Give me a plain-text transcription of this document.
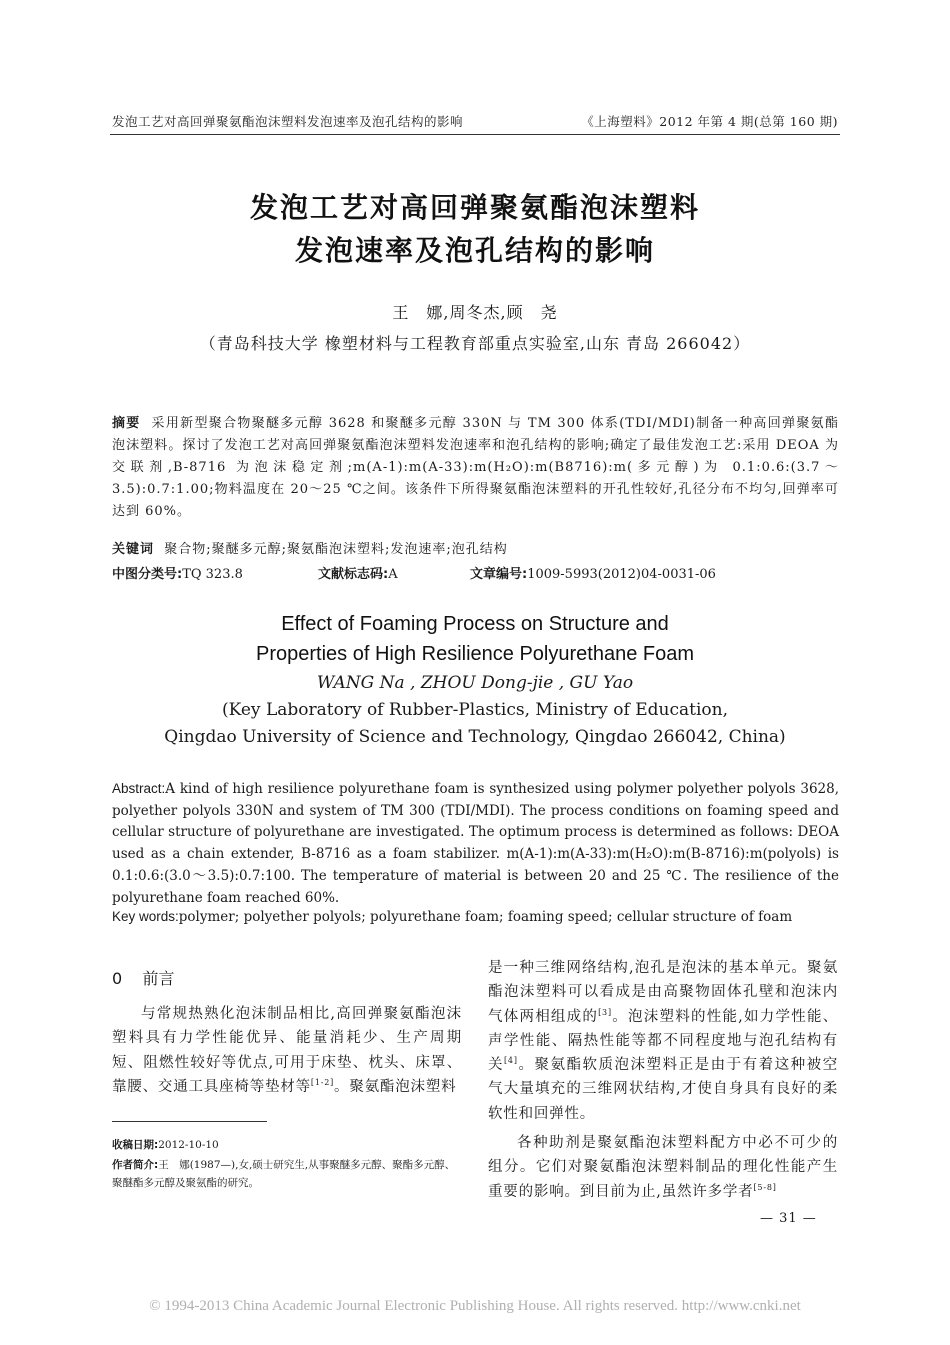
发泡工艺对高回弹聚氨酯泡沫塑料发泡速率及泡孔结构的影响	《上海塑料》2012 年第 4 期(总第 160 期)
发泡工艺对高回弹聚氨酯泡沫塑料
发泡速率及泡孔结构的影响
王　娜,周冬杰,顾　尧
（青岛科技大学 橡塑材料与工程教育部重点实验室,山东 青岛 266042）
摘要 采用新型聚合物聚醚多元醇 3628 和聚醚多元醇 330N 与 TM 300 体系(TDI/MDI)制备一种高回弹聚氨酯泡沫塑料。探讨了发泡工艺对高回弹聚氨酯泡沫塑料发泡速率和泡孔结构的影响;确定了最佳发泡工艺:采用 DEOA 为交联剂,B-8716 为泡沫稳定剂;m(A-1):m(A-33):m(H₂O):m(B8716):m(多元醇)为 0.1:0.6:(3.7～3.5):0.7:1.00;物料温度在 20～25 ℃之间。该条件下所得聚氨酯泡沫塑料的开孔性较好,孔径分布不均匀,回弹率可达到 60%。
关键词 聚合物;聚醚多元醇;聚氨酯泡沫塑料;发泡速率;泡孔结构
中图分类号:TQ 323.8	文献标志码:A	文章编号:1009-5993(2012)04-0031-06
Effect of Foaming Process on Structure and
Properties of High Resilience Polyurethane Foam
WANG Na , ZHOU Dong-jie , GU Yao
(Key Laboratory of Rubber-Plastics, Ministry of Education,
Qingdao University of Science and Technology, Qingdao 266042, China)
Abstract:A kind of high resilience polyurethane foam is synthesized using polymer polyether polyols 3628, polyether polyols 330N and system of TM 300 (TDI/MDI). The process conditions on foaming speed and cellular structure of polyurethane are investigated. The optimum process is determined as follows: DEOA used as a chain extender, B-8716 as a foam stabilizer. m(A-1):m(A-33):m(H₂O):m(B-8716):m(polyols) is 0.1:0.6:(3.0～3.5):0.7:100. The temperature of material is between 20 and 25 ℃. The resilience of the polyurethane foam reached 60%.
Key words:polymer; polyether polyols; polyurethane foam; foaming speed; cellular structure of foam
0 前言
与常规热熟化泡沫制品相比,高回弹聚氨酯泡沫塑料具有力学性能优异、能量消耗少、生产周期短、阻燃性较好等优点,可用于床垫、枕头、床罩、靠腰、交通工具座椅等垫材等[1-2]。聚氨酯泡沫塑料
收稿日期:2012-10-10
作者简介:王　娜(1987—),女,硕士研究生,从事聚醚多元醇、聚酯多元醇、聚醚酯多元醇及聚氨酯的研究。
是一种三维网络结构,泡孔是泡沫的基本单元。聚氨酯泡沫塑料可以看成是由高聚物固体孔壁和泡沫内气体两相组成的[3]。泡沫塑料的性能,如力学性能、声学性能、隔热性能等都不同程度地与泡孔结构有关[4]。聚氨酯软质泡沫塑料正是由于有着这种被空气大量填充的三维网状结构,才使自身具有良好的柔软性和回弹性。
各种助剂是聚氨酯泡沫塑料配方中必不可少的组分。它们对聚氨酯泡沫塑料制品的理化性能产生重要的影响。到目前为止,虽然许多学者[5-8]
— 31 —
© 1994-2013 China Academic Journal Electronic Publishing House. All rights reserved. http://www.cnki.net
